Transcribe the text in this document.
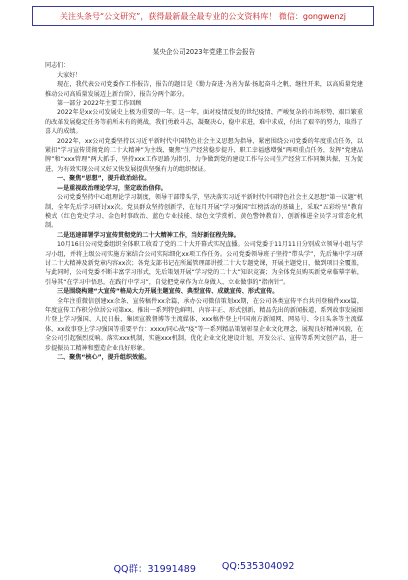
关注头条号“公文研究”，获得最新最全最专业的公文资料库！ 微信：gongwenzj

某央企公司2023年党建工作会报告

同志们：

大家好！

现在，我代表公司党委作工作报告，报告的题目是《勠力奋进·为善为谋·扬起奋斗之帆，继往开来，以高质量党建推动公司高质量发展迈上新台阶》，报告分两个部分。

第一部分 2022年主要工作回顾

2022年是xx公司发展史上极为重要的一年。这一年，面对疫情反复的世纪疫情、严峻复杂的市场形势、艰巨繁重的改革发展稳定任务等前所未有的挑战，我们勇敢斗志，凝聚决心，稳中求进，难中求成，付出了艰辛的努力，取得了喜人的成绩。

2022年，xx公司党委坚持以习近平新时代中国特色社会主义思想为指导，紧密围绕公司党委的年度重点任务，以紧扣“学习宣传贯彻党的二十大精神”为主线、聚焦“生产经营稳步提升、职工幸福感增强”两项重点任务，发挥“党建品牌”和“xxx管理”两大抓手，坚持xxx工作思路为指引，力争做到党的建设工作与公司生产经营工作同频共振、互为促进，为有效实现公司又好又快发展提供坚强有力的组织保证。

一、聚焦“思想”，提升政治站位。

—是重视政治理论学习，坚定政治信仰。

公司党委坚持中心组理论学习制度，领导干部带头学，坚决落实习近平新时代中国特色社会主义思想“第一议题”机制，全年先后学习研讨xx次。党员群众坚持创新学，在每月开展“学习强国”红榜活动的基础上，采取“五彩纷呈”教育模式（红色党史学习、金色时事政治、蓝色专业技能、绿色文学赏析、黄色警钟教育），创新推进全员学习常态化机制。

二是迅速部署学习宣传贯彻党的二十大精神工作，当好新征程先锋。

10月16日公司党委组织全体职工收看了党的二十大开幕式实况直播。公司党委于11月11日分别成立领导小组与学习小组，并将上级公司实施方案结合公司实际细化xx项工作任务。公司党委领导班子坚持“带头学”，先后集中学习研讨二十大精神及新党章内容xx次；各党支部书记在所属管理部讲授二十大专题党课，开展主题党日，做到项目全覆盖，与此同时，公司党委不断丰富学习形式，先后策划开展“学习党的二十大”知识竞赛；为全体党员购买新党章临摹字帖，引导其“在学习中悟思，在践行中学习”，自觉把党章作为立身做人、立业做事的“指南针”。

三是围绕构建“大宣传”格局大力开展主题宣传、典型宣传、成就宣传、形式宣传。

全年注重微信创建xx余条、宣传稿件xx余篇，承办公司微信策划xx期，在公司各类宣传平台共刊登稿件xxx篇，年度宣传工作积分位居公司第xx。推出一系列特色鲜明、内容丰正、形式创新、精品先出的新闻报道，系列故事发展图片登上学习强国、人民日报、集团宣教督博等主流媒体，xxx稿件登上中国南方新闻网、网易号、今日头条等主流媒体，xx故事登上学习强国等重要平台：xxxx/同心战“疫”等一系列精品策划彰显企业文化理念，展现良好精神风貌，在全公司引起强烈反响。落实xxx机制，实施xxx机制，优化企业文化建设计划，开发公示、宣传等系列文创产品，进一步提振员工精神和塑造企业良好形象。

二、聚焦“核心”，提升组织效能。

QQ群：31991489	QQ:535304092
